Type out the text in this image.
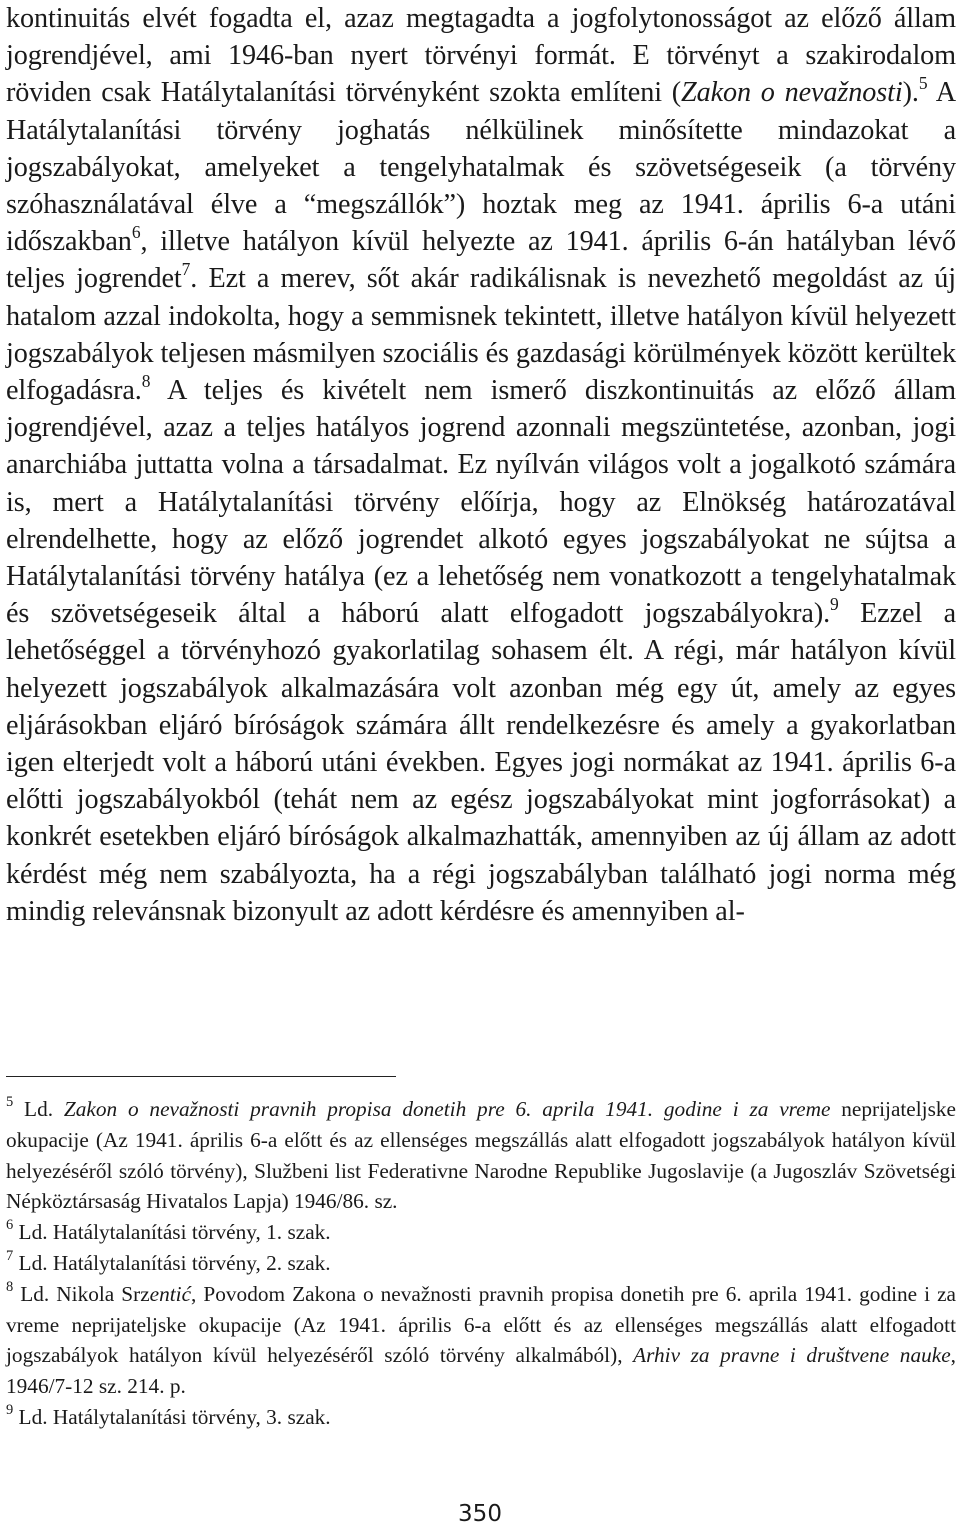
kontinuitás elvét fogadta el, azaz megtagadta a jogfolytonosságot az előző állam jogrendjével, ami 1946-ban nyert törvényi formát. E törvényt a szakirodalom röviden csak Hatálytalanítási törvényként szokta említeni (Zakon o nevažnosti).$^5$ A Hatálytalanítási törvény joghatás nélkülinek minősítette mindazokat a jogszabályokat, amelyeket a tengelyhatalmak és szövetségeseik (a törvény szóhasználatával élve a “megszállók”) hoztak meg az 1941. április 6-a utáni időszakban$^6$, illetve hatályon kívül helyezte az 1941. április 6-án hatályban lévő teljes jogrendet$^7$. Ezt a merev, sőt akár radikálisnak is nevezhető megoldást az új hatalom azzal indokolta, hogy a semmisnek tekintett, illetve hatályon kívül helyezett jogszabályok teljesen másmilyen szociális és gazdasági körülmények között kerültek elfogadásra.$^8$ A teljes és kivételt nem ismerő diszkontinuitás az előző állam jogrendjével, azaz a teljes hatályos jogrend azonnali megszüntetése, azonban, jogi anarchiába juttatta volna a társadalmat. Ez nyílván világos volt a jogalkotó számára is, mert a Hatálytalanítási törvény előírja, hogy az Elnökség határozatával elrendelhette, hogy az előző jogrendet alkotó egyes jogszabályokat ne sújtsa a Hatálytalanítási törvény hatálya (ez a lehetőség nem vonatkozott a tengelyhatalmak és szövetségeseik által a háború alatt elfogadott jogszabályokra).$^9$ Ezzel a lehetőséggel a törvényhozó gyakorlatilag sohasem élt. A régi, már hatályon kívül helyezett jogszabályok alkalmazására volt azonban még egy út, amely az egyes eljárásokban eljáró bíróságok számára állt rendelkezésre és amely a gyakorlatban igen elterjedt volt a háború utáni években. Egyes jogi normákat az 1941. április 6-a előtti jogszabályokból (tehát nem az egész jogszabályokat mint jogforrásokat) a konkrét esetekben eljáró bíróságok alkalmazhatták, amennyiben az új állam az adott kérdést még nem szabályozta, ha a régi jogszabályban található jogi norma még mindig relevánsnak bizonyult az adott kérdésre és amennyiben al-

$^5$ Ld. Zakon o nevažnosti pravnih propisa donetih pre 6. aprila 1941. godine i za vreme neprijateljske okupacije (Az 1941. április 6-a előtt és az ellenséges megszállás alatt elfogadott jogszabályok hatályon kívül helyezéséről szóló törvény), Službeni list Federativne Narodne Republike Jugoslavije (a Jugoszláv Szövetségi Népköztársaság Hivatalos Lapja) 1946/86. sz.

$^6$ Ld. Hatálytalanítási törvény, 1. szak.

$^7$ Ld. Hatálytalanítási törvény, 2. szak.

$^8$ Ld. Nikola Srzentić, Povodom Zakona o nevažnosti pravnih propisa donetih pre 6. aprila 1941. godine i za vreme neprijateljske okupacije (Az 1941. április 6-a előtt és az ellenséges megszállás alatt elfogadott jogszabályok hatályon kívül helyezéséről szóló törvény alkalmából), Arhiv za pravne i društvene nauke, 1946/7-12 sz. 214. p.

$^9$ Ld. Hatálytalanítási törvény, 3. szak.

350
